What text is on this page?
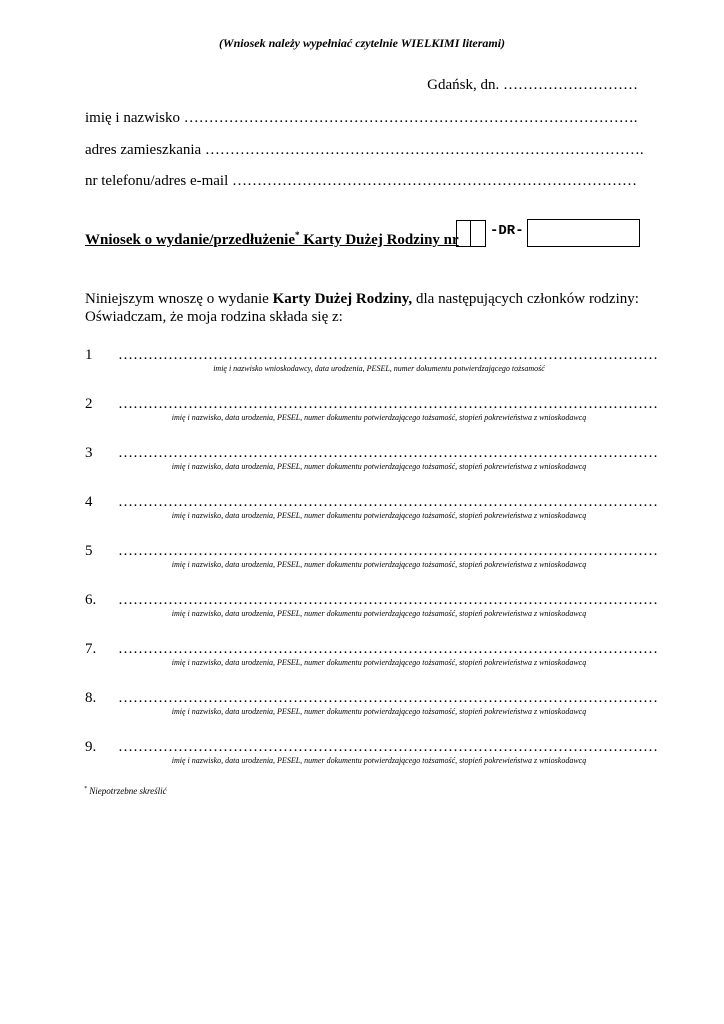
(Wniosek należy wypełniać czytelnie WIELKIMI literami)
Gdańsk, dn. ………………………
imię i nazwisko ……………………………………………………………………………….
adres zamieszkania …………………………………………………………………………….
nr telefonu/adres e-mail ………………………………………………………………………
Wniosek o wydanie/przedłużenie* Karty Dużej Rodziny nr
-DR-
Niniejszym wnoszę o wydanie Karty Dużej Rodziny, dla następujących członków rodziny:
Oświadczam, że moja rodzina składa się z:
1 ………………………………………………………………………………………………
imię i nazwisko wnioskodawcy, data urodzenia, PESEL, numer dokumentu potwierdzającego tożsamość
2 ………………………………………………………………………………………………
imię i nazwisko, data urodzenia, PESEL, numer dokumentu potwierdzającego tożsamość, stopień pokrewieństwa z wnioskodawcą
3 ………………………………………………………………………………………………
imię i nazwisko, data urodzenia, PESEL, numer dokumentu potwierdzającego tożsamość, stopień pokrewieństwa z wnioskodawcą
4 ………………………………………………………………………………………………
imię i nazwisko, data urodzenia, PESEL, numer dokumentu potwierdzającego tożsamość, stopień pokrewieństwa z wnioskodawcą
5 ………………………………………………………………………………………………
imię i nazwisko, data urodzenia, PESEL, numer dokumentu potwierdzającego tożsamość, stopień pokrewieństwa z wnioskodawcą
6. ………………………………………………………………………………………………
imię i nazwisko, data urodzenia, PESEL, numer dokumentu potwierdzającego tożsamość, stopień pokrewieństwa z wnioskodawcą
7. ………………………………………………………………………………………………
imię i nazwisko, data urodzenia, PESEL, numer dokumentu potwierdzającego tożsamość, stopień pokrewieństwa z wnioskodawcą
8. ………………………………………………………………………………………………
imię i nazwisko, data urodzenia, PESEL, numer dokumentu potwierdzającego tożsamość, stopień pokrewieństwa z wnioskodawcą
9. ………………………………………………………………………………………………
imię i nazwisko, data urodzenia, PESEL, numer dokumentu potwierdzającego tożsamość, stopień pokrewieństwa z wnioskodawcą
* Niepotrzebne skreślić
